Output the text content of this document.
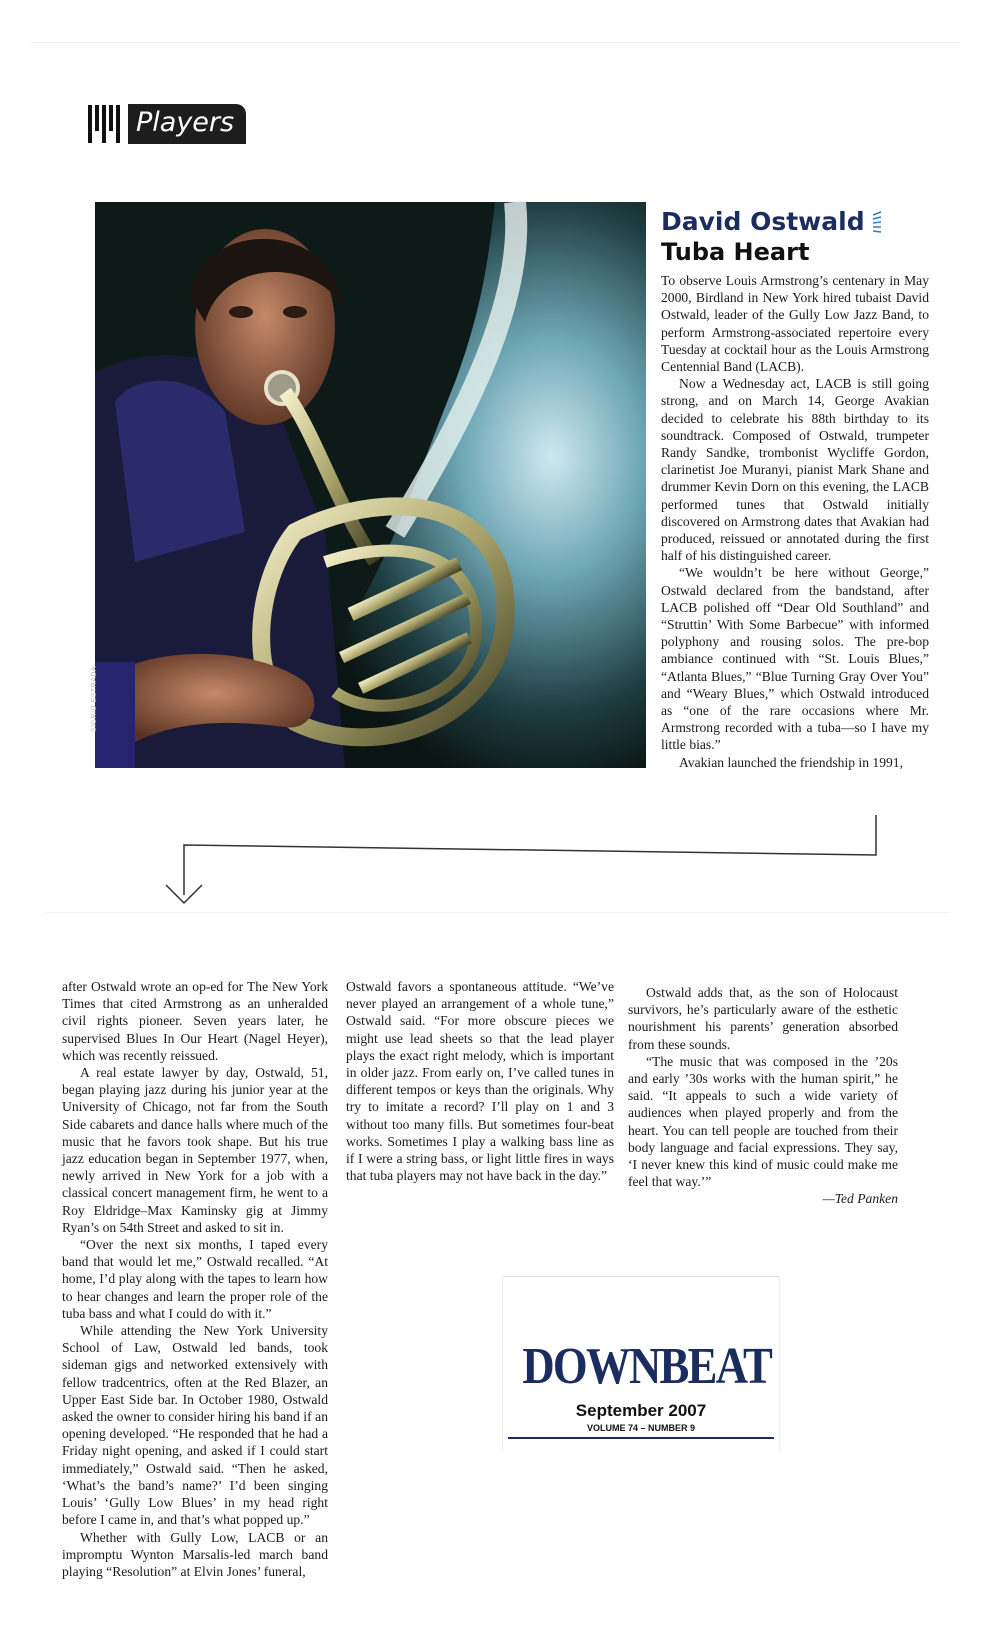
Players
SIGRID ESTRADA
David Ostwald
Tuba Heart

To observe Louis Armstrong’s centenary in May 2000, Birdland in New York hired tubaist David Ostwald, leader of the Gully Low Jazz Band, to perform Armstrong-associated repertoire every Tuesday at cocktail hour as the Louis Armstrong Centennial Band (LACB).

Now a Wednesday act, LACB is still going strong, and on March 14, George Avakian decided to celebrate his 88th birthday to its soundtrack. Composed of Ostwald, trumpeter Randy Sandke, trombonist Wycliffe Gordon, clarinetist Joe Muranyi, pianist Mark Shane and drummer Kevin Dorn on this evening, the LACB performed tunes that Ostwald initially discovered on Armstrong dates that Avakian had produced, reissued or annotated during the first half of his distinguished career.

“We wouldn’t be here without George,” Ostwald declared from the bandstand, after LACB polished off “Dear Old Southland” and “Struttin’ With Some Barbecue” with informed polyphony and rousing solos. The pre-bop ambiance continued with “St. Louis Blues,” “Atlanta Blues,” “Blue Turning Gray Over You” and “Weary Blues,” which Ostwald introduced as “one of the rare occasions where Mr. Armstrong recorded with a tuba—so I have my little bias.”

Avakian launched the friendship in 1991,

after Ostwald wrote an op-ed for The New York Times that cited Armstrong as an unheralded civil rights pioneer. Seven years later, he supervised Blues In Our Heart (Nagel Heyer), which was recently reissued.

A real estate lawyer by day, Ostwald, 51, began playing jazz during his junior year at the University of Chicago, not far from the South Side cabarets and dance halls where much of the music that he favors took shape. But his true jazz education began in September 1977, when, newly arrived in New York for a job with a classical concert management firm, he went to a Roy Eldridge–Max Kaminsky gig at Jimmy Ryan’s on 54th Street and asked to sit in.

“Over the next six months, I taped every band that would let me,” Ostwald recalled. “At home, I’d play along with the tapes to learn how to hear changes and learn the proper role of the tuba bass and what I could do with it.”

While attending the New York University School of Law, Ostwald led bands, took sideman gigs and networked extensively with fellow tradcentrics, often at the Red Blazer, an Upper East Side bar. In October 1980, Ostwald asked the owner to consider hiring his band if an opening developed. “He responded that he had a Friday night opening, and asked if I could start immediately,” Ostwald said. “Then he asked, ‘What’s the band’s name?’ I’d been singing Louis’ ‘Gully Low Blues’ in my head right before I came in, and that’s what popped up.”

Whether with Gully Low, LACB or an impromptu Wynton Marsalis-led march band playing “Resolution” at Elvin Jones’ funeral,

Ostwald favors a spontaneous attitude. “We’ve never played an arrangement of a whole tune,” Ostwald said. “For more obscure pieces we might use lead sheets so that the lead player plays the exact right melody, which is important in older jazz. From early on, I’ve called tunes in different tempos or keys than the originals. Why try to imitate a record? I’ll play on 1 and 3 without too many fills. But sometimes four-beat works. Sometimes I play a walking bass line as if I were a string bass, or light little fires in ways that tuba players may not have back in the day.”

Ostwald adds that, as the son of Holocaust survivors, he’s particularly aware of the esthetic nourishment his parents’ generation absorbed from these sounds.

“The music that was composed in the ’20s and early ’30s works with the human spirit,” he said. “It appeals to such a wide variety of audiences when played properly and from the heart. You can tell people are touched from their body language and facial expressions. They say, ‘I never knew this kind of music could make me feel that way.’”

—Ted Panken
DOWNBEAT
September 2007
VOLUME 74 – NUMBER 9
